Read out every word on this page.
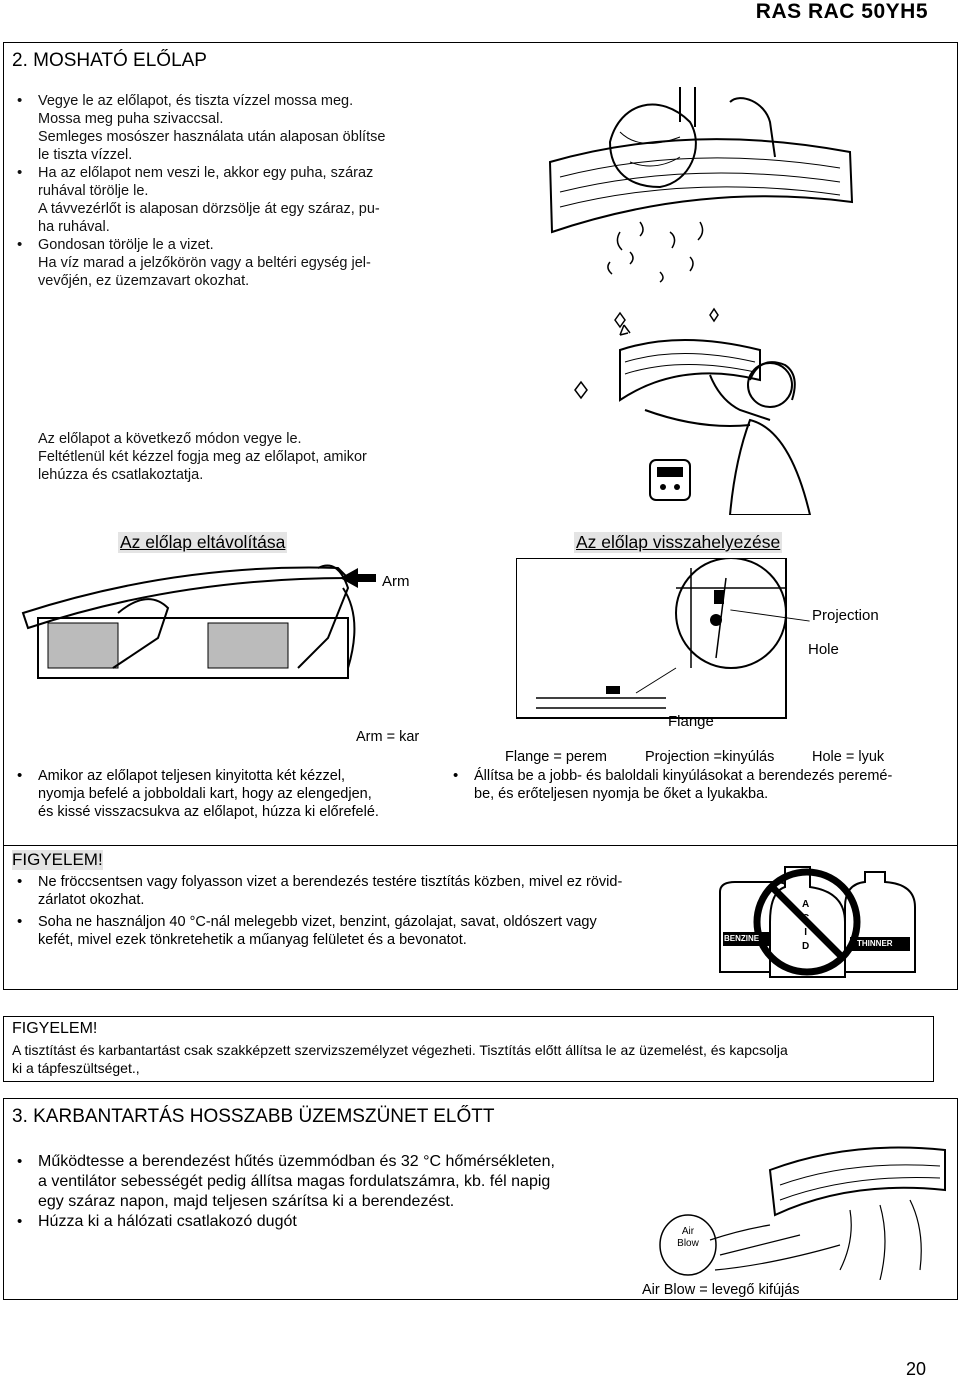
RAS RAC 50YH5
2. MOSHATÓ ELŐLAP
• Vegye le az előlapot, és tiszta vízzel mossa meg.
Mossa meg puha szivaccsal.
Semleges mosószer használata után alaposan öblítse
le tiszta vízzel.
• Ha az előlapot nem veszi le, akkor egy puha, száraz
ruhával törölje le.
A távvezérlőt is alaposan dörzsölje át egy száraz, pu-
ha ruhával.
• Gondosan törölje le a vizet.
Ha víz marad a jelzőkörön vagy a beltéri egység jel-
vevőjén, ez üzemzavart okozhat.
Az előlapot a következő módon vegye le.
Feltétlenül két kézzel fogja meg az előlapot, amikor
lehúzza és csatlakoztatja.
Az előlap eltávolítása	Az előlap visszahelyezése
Arm
Projection
Hole
Flange
Arm = kar
Flange = perem	Projection =kinyúlás	Hole = lyuk
• Amikor az előlapot teljesen kinyitotta két kézzel,
nyomja befelé a jobboldali kart, hogy az elengedjen,
és kissé visszacsukva az előlapot, húzza ki előrefelé.
• Állítsa be a jobb- és baloldali kinyúlásokat a berendezés peremé-
be, és erőteljesen nyomja be őket a lyukakba.
FIGYELEM!
• Ne fröccsentsen vagy folyasson vizet a berendezés testére tisztítás közben, mivel ez rövid-
zárlatot okozhat.
• Soha ne használjon 40 °C-nál melegebb vizet, benzint, gázolajat, savat, oldószert vagy
kefét, mivel ezek tönkretehetik a műanyag felületet és a bevonatot.	BENZINE
THINNER
A
C
I
D
FIGYELEM!
A tisztítást és karbantartást csak szakképzett szervizszemélyzet végezheti. Tisztítás előtt állítsa le az üzemelést, és kapcsolja
ki a tápfeszültséget.,
3. KARBANTARTÁS HOSSZABB ÜZEMSZÜNET ELŐTT
• Működtesse a berendezést hűtés üzemmódban és 32 °C hőmérsékleten,
a ventilátor sebességét pedig állítsa magas fordulatszámra, kb. fél napig
egy száraz napon, majd teljesen szárítsa ki a berendezést.
• Húzza ki a hálózati csatlakozó dugót
Air
Blow
Air Blow = levegő kifújás
20
